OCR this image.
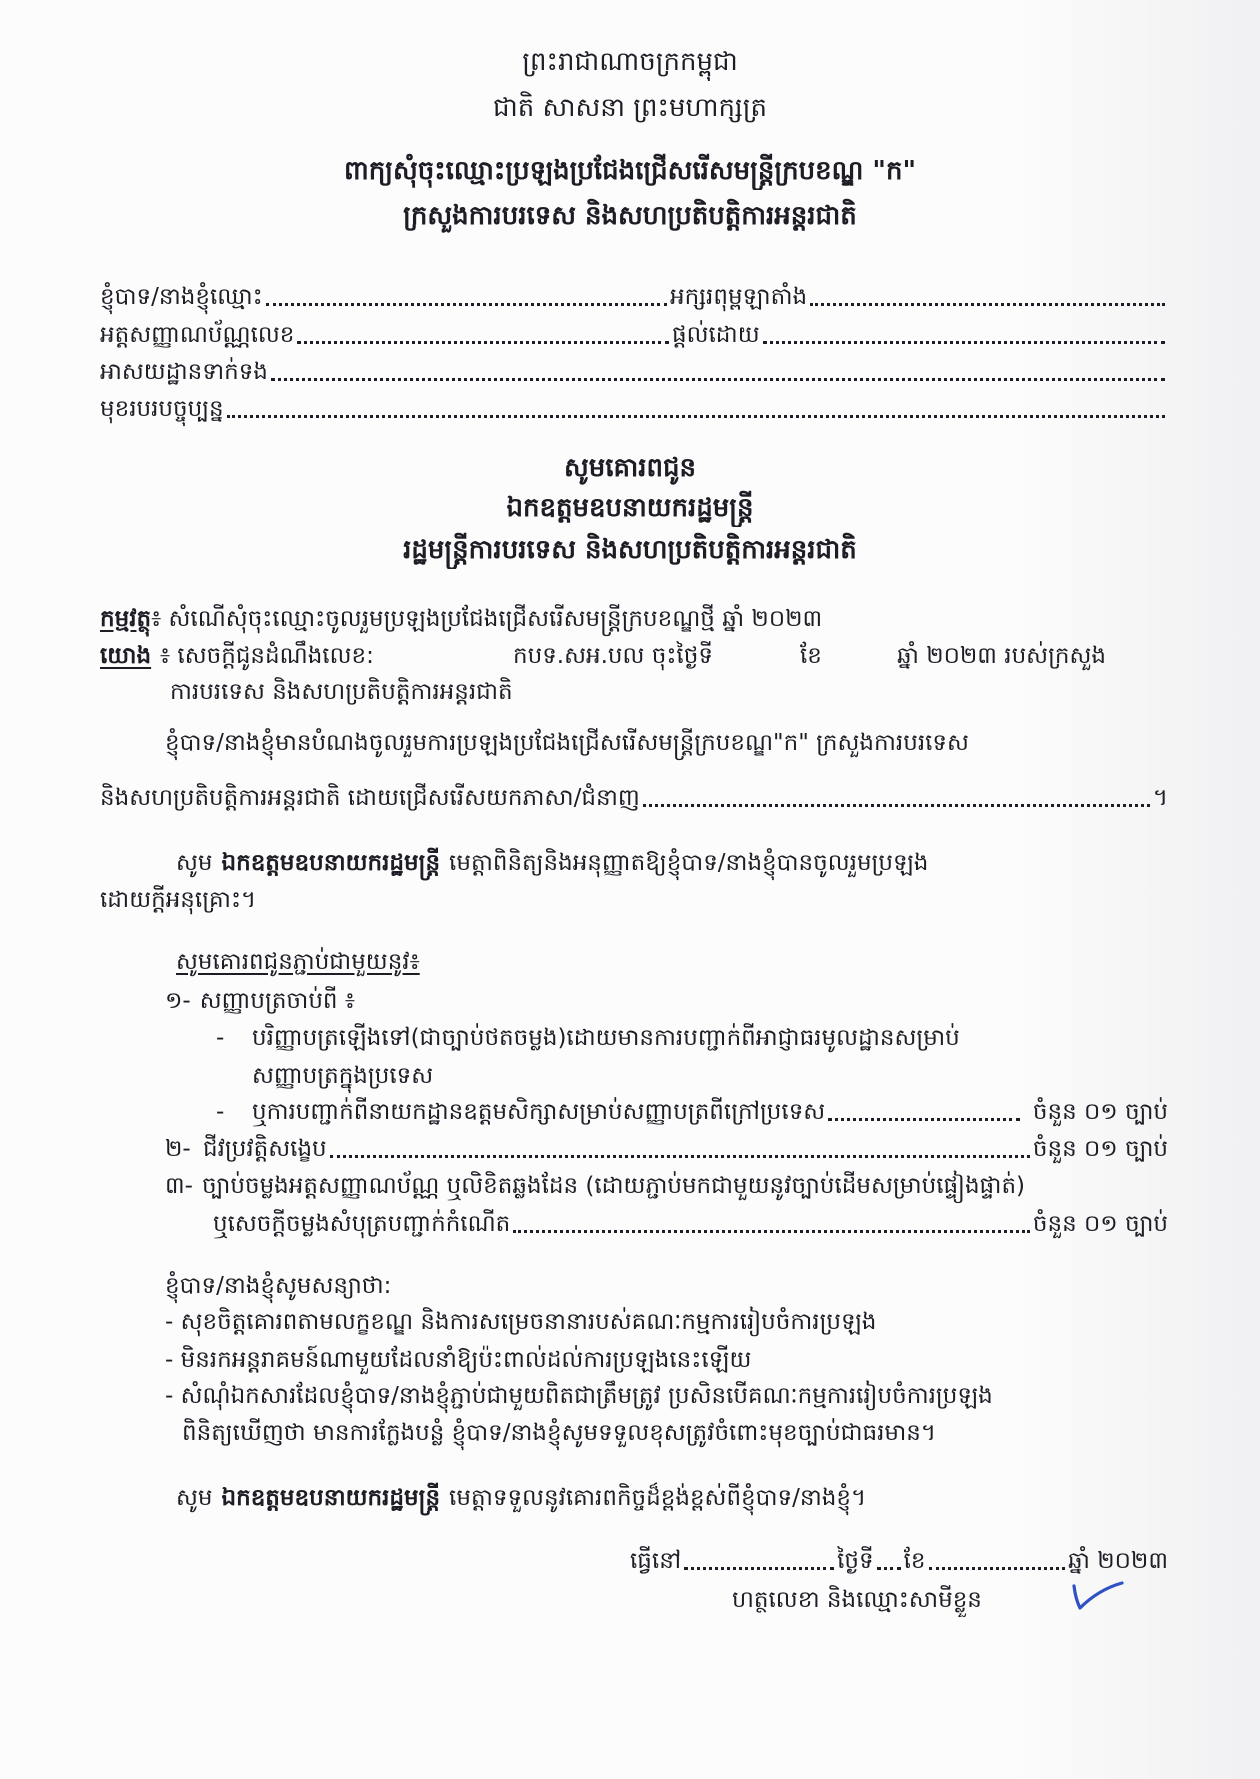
ព្រះរាជាណាចក្រកម្ពុជា
ជាតិ សាសនា ព្រះមហាក្សត្រ
ពាក្យសុំចុះឈ្មោះប្រឡងប្រជែងជ្រើសរើសមន្ត្រីក្របខណ្ឌ "ក"
ក្រសួងការបរទេស និងសហប្រតិបត្តិការអន្តរជាតិ
ខ្ញុំបាទ/នាងខ្ញុំឈ្មោះ	អក្សរពុម្ពឡាតាំង
អត្តសញ្ញាណប័ណ្ណលេខ	ផ្តល់ដោយ
អាសយដ្ឋានទាក់ទង
មុខរបរបច្ចុប្បន្ន
សូមគោរពជូន
ឯកឧត្តមឧបនាយករដ្ឋមន្ត្រី
រដ្ឋមន្ត្រីការបរទេស និងសហប្រតិបត្តិការអន្តរជាតិ
កម្មវត្ថុ៖ សំណើសុំចុះឈ្មោះចូលរួមប្រឡងប្រជែងជ្រើសរើសមន្ត្រីក្របខណ្ឌថ្មី ឆ្នាំ ២០២៣
យោង ៖ សេចក្តីជូនដំណឹងលេខ:	កបទ.សអ.បល ចុះថ្ងៃទី	ខែ	ឆ្នាំ ២០២៣ របស់ក្រសួង
ការបរទេស និងសហប្រតិបត្តិការអន្តរជាតិ
ខ្ញុំបាទ/នាងខ្ញុំមានបំណងចូលរួមការប្រឡងប្រជែងជ្រើសរើសមន្ត្រីក្របខណ្ឌ"ក" ក្រសួងការបរទេស
និងសហប្រតិបត្តិការអន្តរជាតិ ដោយជ្រើសរើសយកភាសា/ជំនាញ	។
សូម ឯកឧត្តមឧបនាយករដ្ឋមន្ត្រី មេត្តាពិនិត្យនិងអនុញ្ញាតឱ្យខ្ញុំបាទ/នាងខ្ញុំបានចូលរួមប្រឡង
ដោយក្តីអនុគ្រោះ។
សូមគោរពជូនភ្ជាប់ជាមួយនូវ៖
១- សញ្ញាបត្រចាប់ពី ៖
-	បរិញ្ញាបត្រឡើងទៅ(ជាច្បាប់ថតចម្លង)ដោយមានការបញ្ជាក់ពីអាជ្ញាធរមូលដ្ឋានសម្រាប់
សញ្ញាបត្រក្នុងប្រទេស
-	ឬការបញ្ជាក់ពីនាយកដ្ឋានឧត្តមសិក្សាសម្រាប់សញ្ញាបត្រពីក្រៅប្រទេស	ចំនួន ០១ ច្បាប់
២- ជីវប្រវត្តិសង្ខេប	ចំនួន ០១ ច្បាប់
៣- ច្បាប់ចម្លងអត្តសញ្ញាណប័ណ្ណ ឬលិខិតឆ្លងដែន (ដោយភ្ជាប់មកជាមួយនូវច្បាប់ដើមសម្រាប់ផ្ទៀងផ្ទាត់)
ឬសេចក្តីចម្លងសំបុត្របញ្ជាក់កំណើត	ចំនួន ០១ ច្បាប់
ខ្ញុំបាទ/នាងខ្ញុំសូមសន្យាថា:
- សុខចិត្តគោរពតាមលក្ខខណ្ឌ និងការសម្រេចនានារបស់គណៈកម្មការរៀបចំការប្រឡង
- មិនរកអន្តរាគមន៍ណាមួយដែលនាំឱ្យប៉ះពាល់ដល់ការប្រឡងនេះឡើយ
- សំណុំឯកសារដែលខ្ញុំបាទ/នាងខ្ញុំភ្ជាប់ជាមួយពិតជាត្រឹមត្រូវ ប្រសិនបើគណៈកម្មការរៀបចំការប្រឡង
ពិនិត្យឃើញថា មានការក្លែងបន្លំ ខ្ញុំបាទ/នាងខ្ញុំសូមទទួលខុសត្រូវចំពោះមុខច្បាប់ជាធរមាន។
សូម ឯកឧត្តមឧបនាយករដ្ឋមន្ត្រី មេត្តាទទួលនូវគោរពកិច្ចដ៏ខ្ពង់ខ្ពស់ពីខ្ញុំបាទ/នាងខ្ញុំ។
ធ្វើនៅ	ថ្ងៃទី ខែ	ឆ្នាំ ២០២៣
ហត្ថលេខា និងឈ្មោះសាមីខ្លួន
